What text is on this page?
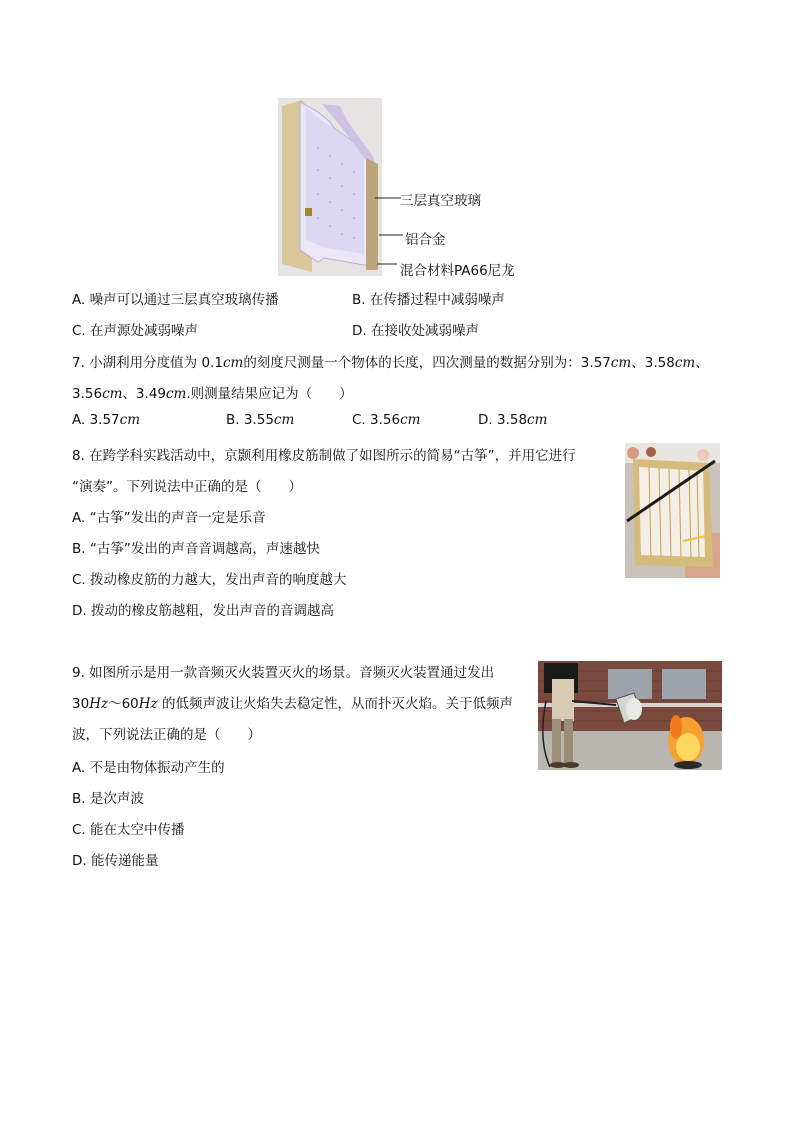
三层真空玻璃
铝合金
混合材料PA66尼龙
A. 噪声可以通过三层真空玻璃传播	B. 在传播过程中减弱噪声
C. 在声源处减弱噪声	D. 在接收处减弱噪声
7. 小湖利用分度值为 0.1cm的刻度尺测量一个物体的长度，四次测量的数据分别为：3.57cm、3.58cm、
3.56cm、3.49cm.则测量结果应记为（　　）
A. 3.57cm	B. 3.55cm	C. 3.56cm	D. 3.58cm
8. 在跨学科实践活动中，京颢利用橡皮筋制做了如图所示的简易“古筝”，并用它进行
“演奏”。下列说法中正确的是（　　）
A. “古筝”发出的声音一定是乐音
B. “古筝”发出的声音音调越高，声速越快
C. 拨动橡皮筋的力越大，发出声音的响度越大
D. 拨动的橡皮筋越粗，发出声音的音调越高
9. 如图所示是用一款音频灭火装置灭火的场景。音频灭火装置通过发出
30Hz～60Hz 的低频声波让火焰失去稳定性，从而扑灭火焰。关于低频声
波，下列说法正确的是（　　）
A. 不是由物体振动产生的
B. 是次声波
C. 能在太空中传播
D. 能传递能量
